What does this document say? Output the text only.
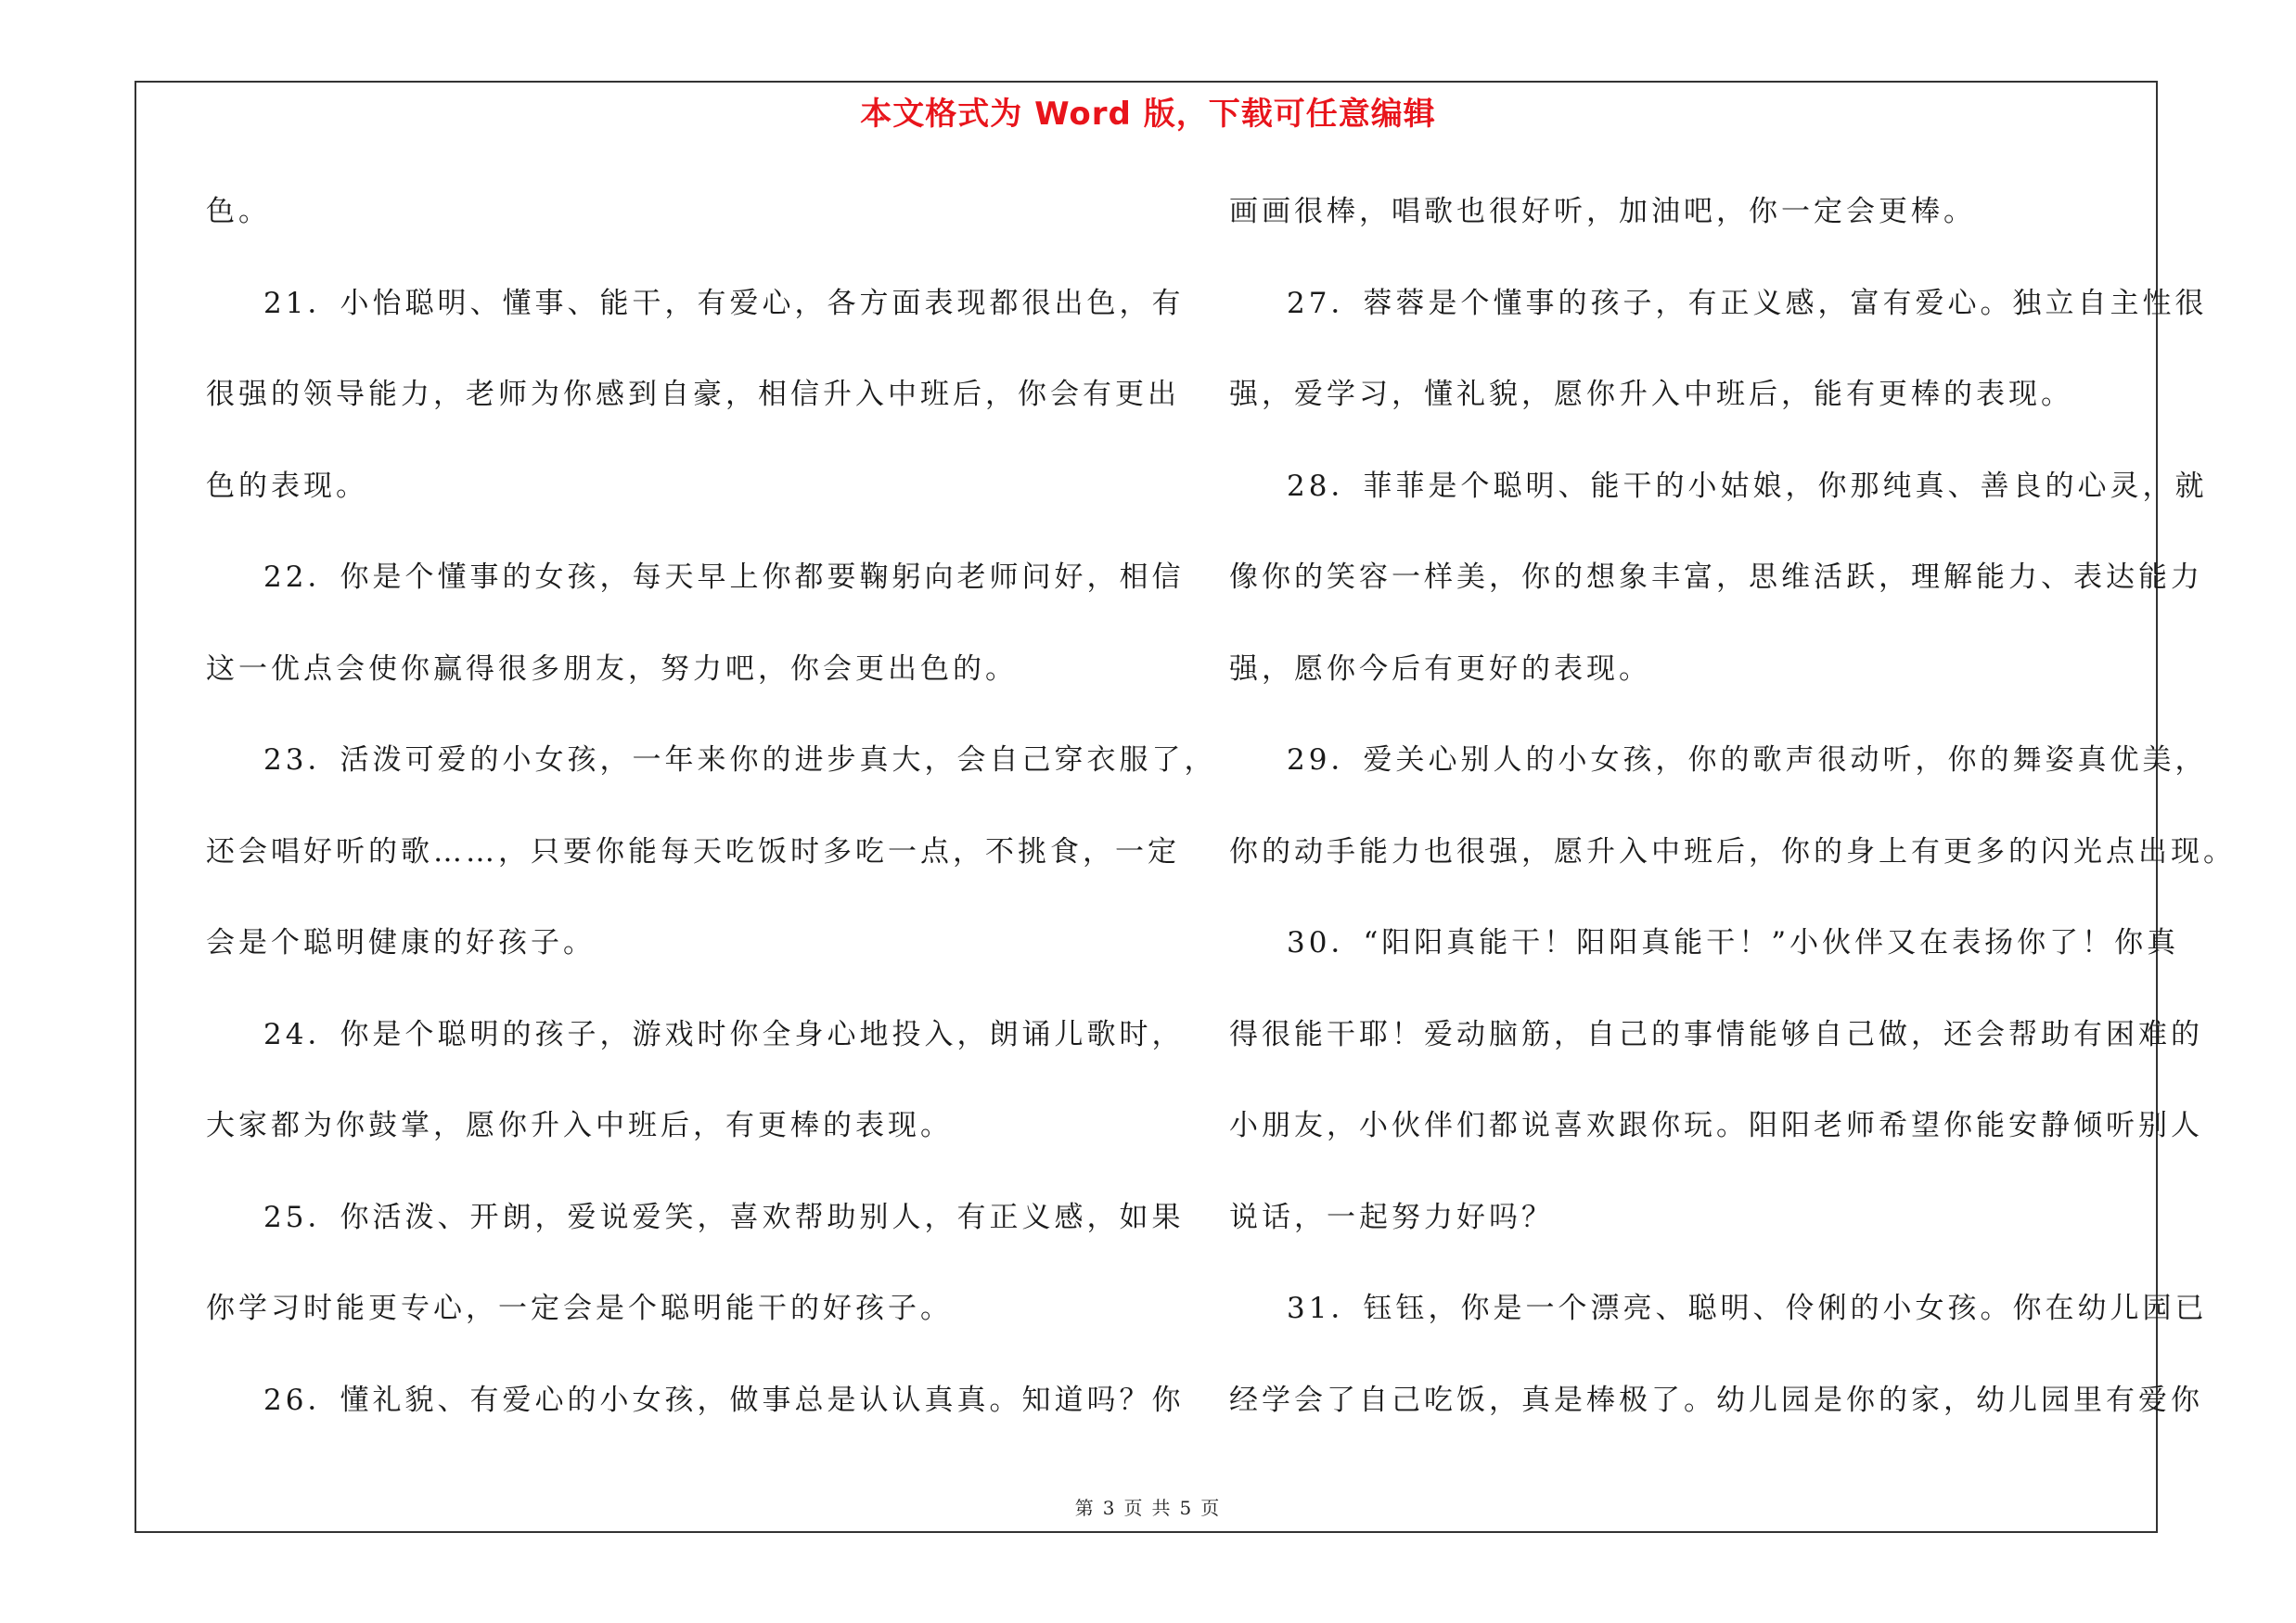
本文格式为 Word 版，下载可任意编辑
色。
21．小怡聪明、懂事、能干，有爱心，各方面表现都很出色，有
很强的领导能力，老师为你感到自豪，相信升入中班后，你会有更出
色的表现。
22．你是个懂事的女孩，每天早上你都要鞠躬向老师问好，相信
这一优点会使你赢得很多朋友，努力吧，你会更出色的。
23．活泼可爱的小女孩，一年来你的进步真大，会自己穿衣服了，
还会唱好听的歌……，只要你能每天吃饭时多吃一点，不挑食，一定
会是个聪明健康的好孩子。
24．你是个聪明的孩子，游戏时你全身心地投入，朗诵儿歌时，
大家都为你鼓掌，愿你升入中班后，有更棒的表现。
25．你活泼、开朗，爱说爱笑，喜欢帮助别人，有正义感，如果
你学习时能更专心，一定会是个聪明能干的好孩子。
26．懂礼貌、有爱心的小女孩，做事总是认认真真。知道吗？你
画画很棒，唱歌也很好听，加油吧，你一定会更棒。
27．蓉蓉是个懂事的孩子，有正义感，富有爱心。独立自主性很
强，爱学习，懂礼貌，愿你升入中班后，能有更棒的表现。
28．菲菲是个聪明、能干的小姑娘，你那纯真、善良的心灵，就
像你的笑容一样美，你的想象丰富，思维活跃，理解能力、表达能力
强，愿你今后有更好的表现。
29．爱关心别人的小女孩，你的歌声很动听，你的舞姿真优美，
你的动手能力也很强，愿升入中班后，你的身上有更多的闪光点出现。
30．“阳阳真能干！阳阳真能干！”小伙伴又在表扬你了！你真
得很能干耶！爱动脑筋，自己的事情能够自己做，还会帮助有困难的
小朋友，小伙伴们都说喜欢跟你玩。阳阳老师希望你能安静倾听别人
说话，一起努力好吗？
31．钰钰，你是一个漂亮、聪明、伶俐的小女孩。你在幼儿园已
经学会了自己吃饭，真是棒极了。幼儿园是你的家，幼儿园里有爱你
第 3 页 共 5 页
